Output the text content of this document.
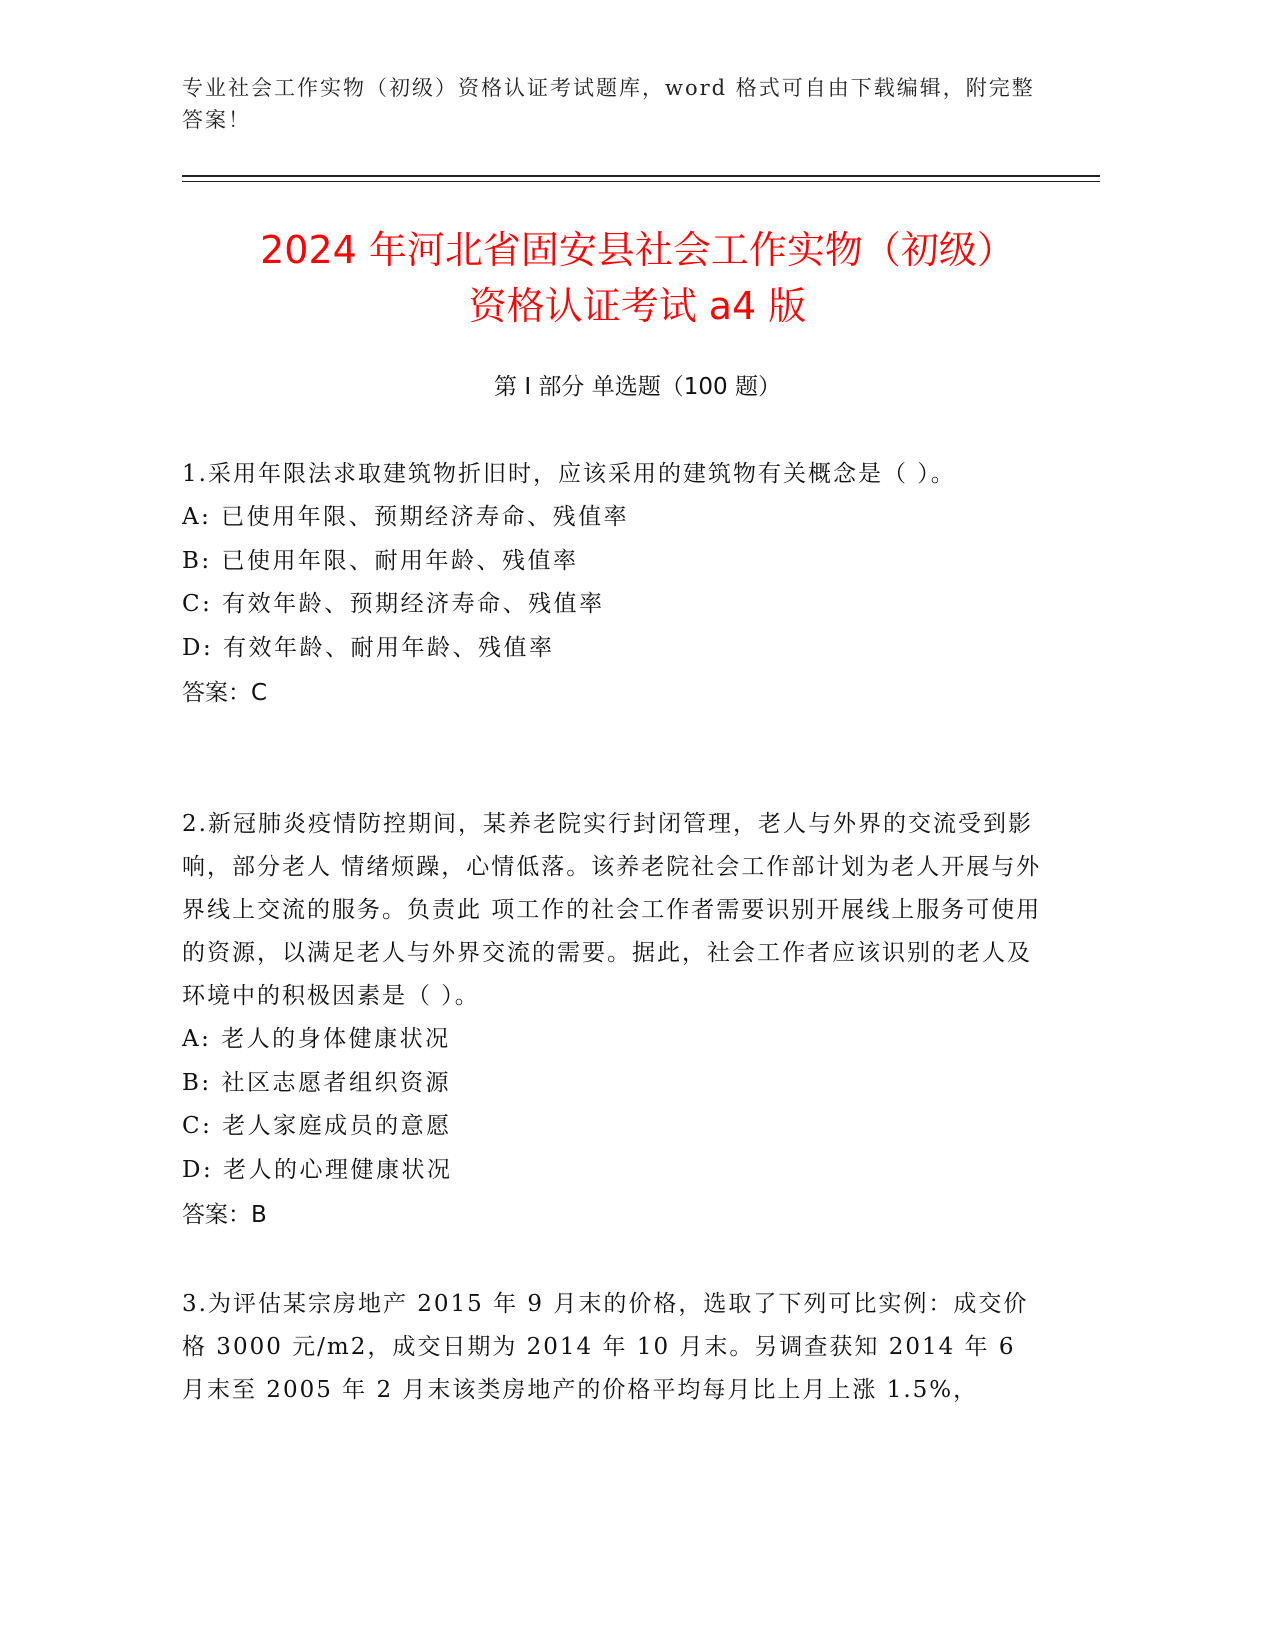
专业社会工作实物（初级）资格认证考试题库，word 格式可自由下载编辑，附完整答案！
2024 年河北省固安县社会工作实物（初级）
资格认证考试 a4 版
第 I 部分 单选题（100 题）

1.采用年限法求取建筑物折旧时，应该采用的建筑物有关概念是（ ）。

A: 已使用年限、预期经济寿命、残值率

B: 已使用年限、耐用年龄、残值率

C: 有效年龄、预期经济寿命、残值率

D: 有效年龄、耐用年龄、残值率

答案：C

2.新冠肺炎疫情防控期间，某养老院实行封闭管理，老人与外界的交流受到影响，部分老人 情绪烦躁，心情低落。该养老院社会工作部计划为老人开展与外界线上交流的服务。负责此 项工作的社会工作者需要识别开展线上服务可使用的资源，以满足老人与外界交流的需要。据此，社会工作者应该识别的老人及环境中的积极因素是（ ）。

A: 老人的身体健康状况

B: 社区志愿者组织资源

C: 老人家庭成员的意愿

D: 老人的心理健康状况

答案：B

3.为评估某宗房地产 2015 年 9 月末的价格，选取了下列可比实例：成交价格 3000 元/m2，成交日期为 2014 年 10 月末。另调查获知 2014 年 6 月末至 2005 年 2 月末该类房地产的价格平均每月比上月上涨 1.5%，
